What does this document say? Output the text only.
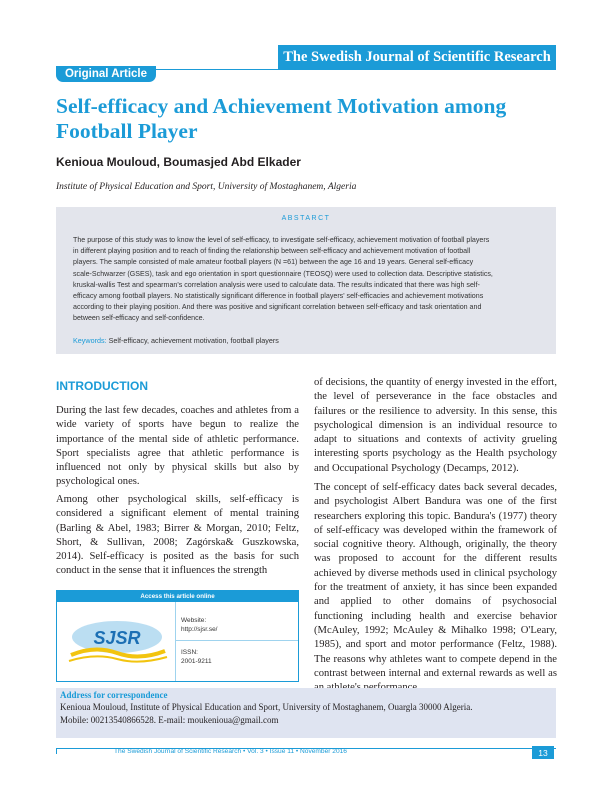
The Swedish Journal of Scientific Research
Original Article
Self-efficacy and Achievement Motivation among Football Player
Kenioua Mouloud, Boumasjed Abd Elkader
Institute of Physical Education and Sport, University of Mostaghanem, Algeria
ABSTARCT
The purpose of this study was to know the level of self-efficacy, to investigate self-efficacy, achievement motivation of football players
in different playing position and to reach of finding the relationship between self-efficacy and achievement motivation of football
players. The sample consisted of male amateur football players (N =61) between the age 16 and 19 years. General self-efficacy
scale-Schwarzer (GSES), task and ego orientation in sport questionnaire (TEOSQ) were used to collection data. Descriptive statistics,
kruskal-wallis Test and spearman's correlation analysis were used to calculate data. The results indicated that there was high self-
efficacy among football players. No statistically significant difference in football players' self-efficacies and achievement motivations
according to their playing position. And there was positive and significant correlation between self-efficacy and task orientation and
between self-efficacy and self-confidence.
Keywords: Self-efficacy, achievement motivation, football players
INTRODUCTION
During the last few decades, coaches and athletes from a wide variety of sports have begun to realize the importance of the mental side of athletic performance. Sport specialists agree that athletic performance is influenced not only by physical skills but also by psychological ones.
Among other psychological skills, self-efficacy is considered a significant element of mental training (Barling & Abel, 1983; Birrer & Morgan, 2010; Feltz, Short, & Sullivan, 2008; Zagórska& Guszkowska, 2014). Self-efficacy is posited as the basis for such conduct in the sense that it influences the strength
of decisions, the quantity of energy invested in the effort, the level of perseverance in the face obstacles and failures or the resilience to adversity. In this sense, this psychological dimension is an individual resource to adapt to situations and contexts of activity grueling interesting sports psychology as the Health psychology and Occupational Psychology (Decamps, 2012).
The concept of self-efficacy dates back several decades, and psychologist Albert Bandura was one of the first researchers exploring this topic. Bandura's (1977) theory of self-efficacy was developed within the framework of social cognitive theory. Although, originally, the theory was proposed to account for the different results achieved by diverse methods used in clinical psychology for the treatment of anxiety, it has since been expanded and applied to other domains of psychosocial functioning including health and exercise behavior (McAuley, 1992; McAuley & Mihalko 1998; O'Leary, 1985), and sport and motor performance (Feltz, 1988). The reasons why athletes want to compete depend in the contrast between internal and external rewards as well as
Access this article online
SJSR
Website:
http://sjsr.se/
ISSN:
2001-9211
Address for correspondence
Kenioua Mouloud, Institute of Physical Education and Sport, University of Mostaghanem, Ouargla 30000 Algeria.
Mobile: 00213540866528. E-mail: moukenioua@gmail.com
The Swedish Journal of Scientific Research • Vol. 3 • Issue 11 • November 2016	13
